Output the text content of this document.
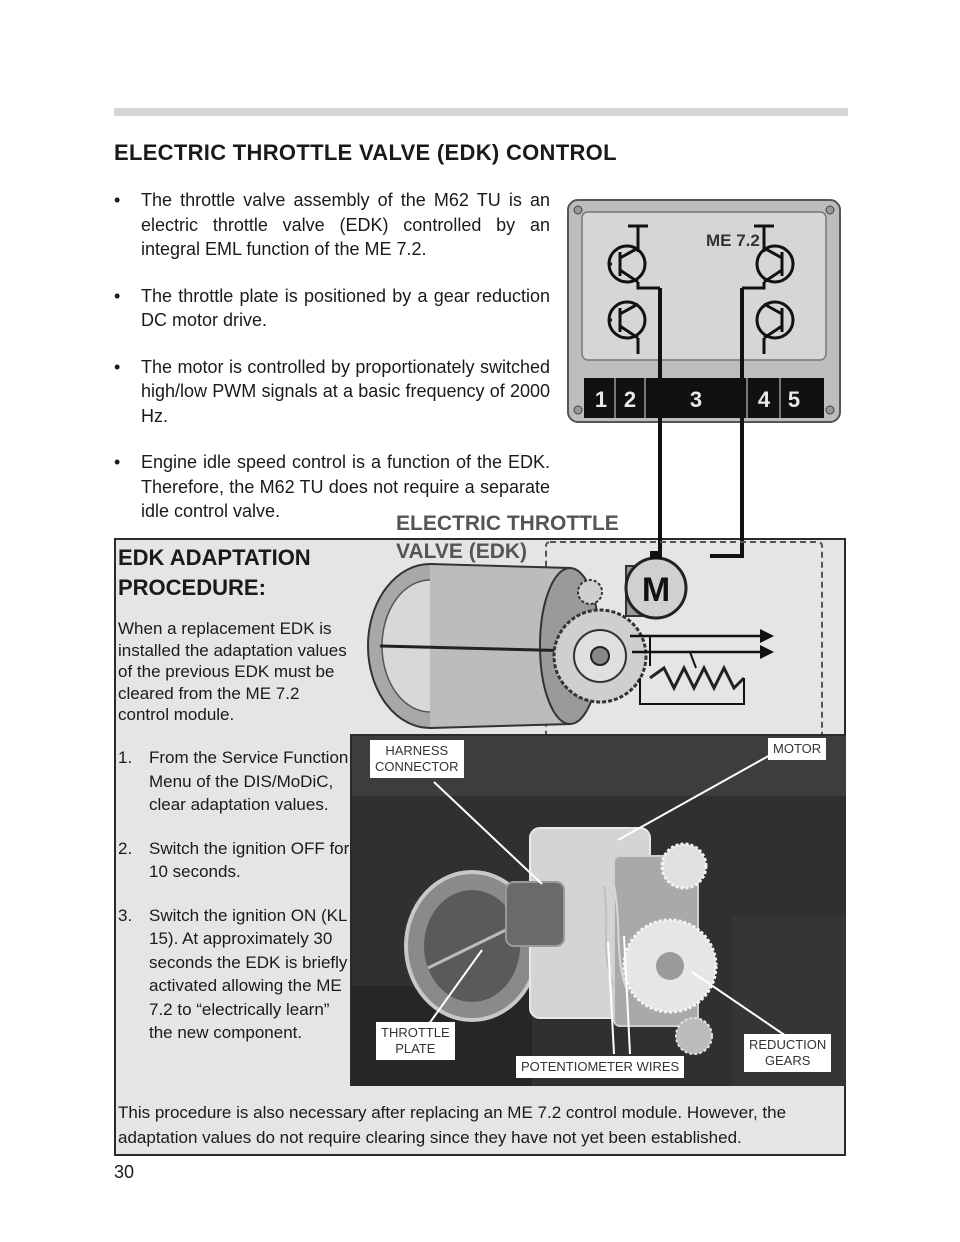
ELECTRIC THROTTLE VALVE (EDK) CONTROL
• The throttle valve assembly of the M62 TU is an electric throttle valve (EDK) controlled by an integral EML function of the ME 7.2.
• The throttle plate is positioned by a gear reduction DC motor drive.
• The motor is controlled by proportionately switched high/low PWM signals at a basic frequency of 2000 Hz.
• Engine idle speed control is a function of the EDK. Therefore, the M62 TU does not require a separate idle control valve.
EDK ADAPTATION PROCEDURE:

When a replacement EDK is installed the adaptation values of the previous EDK must be cleared from the ME 7.2 control module.

1. From the Service Function Menu of the DIS/MoDiC, clear adaptation values.
2. Switch the ignition OFF for 10 seconds.
3. Switch the ignition ON (KL 15). At approximately 30 seconds the EDK is briefly activated allowing the ME 7.2 to “electrically learn” the new component.

This procedure is also necessary after replacing an ME 7.2 control module. However, the adaptation values do not require clearing since they have not yet been established.

ME 7.2
1 2 3	4 5
ELECTRIC THROTTLE
VALVE (EDK)
M
HARNESS
CONNECTOR
MOTOR
THROTTLE
PLATE
POTENTIOMETER WIRES
REDUCTION
GEARS

30
